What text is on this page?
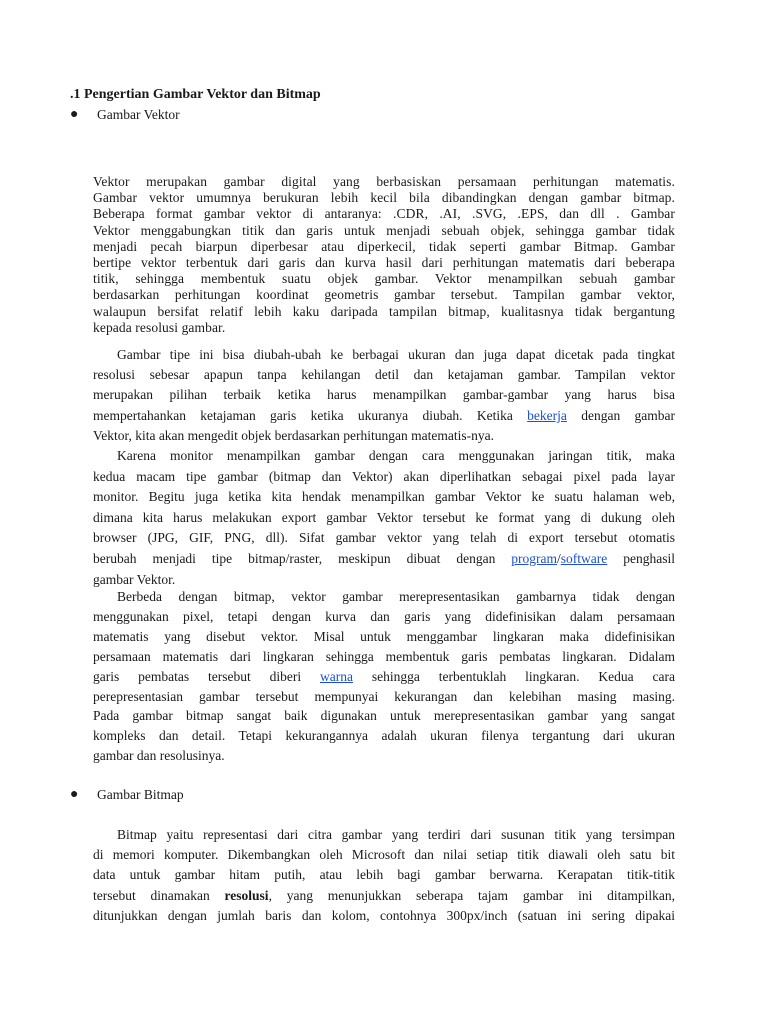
.1 Pengertian Gambar Vektor dan Bitmap
● Gambar Vektor
Vektor merupakan gambar digital yang berbasiskan persamaan perhitungan matematis.
Gambar vektor umumnya berukuran lebih kecil bila dibandingkan dengan gambar bitmap.
Beberapa format gambar vektor di antaranya: .CDR, .AI, .SVG, .EPS, dan dll . Gambar
Vektor menggabungkan titik dan garis untuk menjadi sebuah objek, sehingga gambar tidak
menjadi pecah biarpun diperbesar atau diperkecil, tidak seperti gambar Bitmap. Gambar
bertipe vektor terbentuk dari garis dan kurva hasil dari perhitungan matematis dari beberapa
titik, sehingga membentuk suatu objek gambar. Vektor menampilkan sebuah gambar
berdasarkan perhitungan koordinat geometris gambar tersebut. Tampilan gambar vektor,
walaupun bersifat relatif lebih kaku daripada tampilan bitmap, kualitasnya tidak bergantung
kepada resolusi gambar.
Gambar tipe ini bisa diubah-ubah ke berbagai ukuran dan juga dapat dicetak pada tingkat
resolusi sebesar apapun tanpa kehilangan detil dan ketajaman gambar. Tampilan vektor
merupakan pilihan terbaik ketika harus menampilkan gambar-gambar yang harus bisa
mempertahankan ketajaman garis ketika ukuranya diubah. Ketika bekerja dengan gambar
Vektor, kita akan mengedit objek berdasarkan perhitungan matematis-nya.
Karena monitor menampilkan gambar dengan cara menggunakan jaringan titik, maka
kedua macam tipe gambar (bitmap dan Vektor) akan diperlihatkan sebagai pixel pada layar
monitor. Begitu juga ketika kita hendak menampilkan gambar Vektor ke suatu halaman web,
dimana kita harus melakukan export gambar Vektor tersebut ke format yang di dukung oleh
browser (JPG, GIF, PNG, dll). Sifat gambar vektor yang telah di export tersebut otomatis
berubah menjadi tipe bitmap/raster, meskipun dibuat dengan program/software penghasil
gambar Vektor.
Berbeda dengan bitmap, vektor gambar merepresentasikan gambarnya tidak dengan
menggunakan pixel, tetapi dengan kurva dan garis yang didefinisikan dalam persamaan
matematis yang disebut vektor. Misal untuk menggambar lingkaran maka didefinisikan
persamaan matematis dari lingkaran sehingga membentuk garis pembatas lingkaran. Didalam
garis pembatas tersebut diberi warna sehingga terbentuklah lingkaran. Kedua cara
perepresentasian gambar tersebut mempunyai kekurangan dan kelebihan masing masing.
Pada gambar bitmap sangat baik digunakan untuk merepresentasikan gambar yang sangat
kompleks dan detail. Tetapi kekurangannya adalah ukuran filenya tergantung dari ukuran
gambar dan resolusinya.
● Gambar Bitmap
Bitmap yaitu representasi dari citra gambar yang terdiri dari susunan titik yang tersimpan
di memori komputer. Dikembangkan oleh Microsoft dan nilai setiap titik diawali oleh satu bit
data untuk gambar hitam putih, atau lebih bagi gambar berwarna. Kerapatan titik-titik
tersebut dinamakan resolusi, yang menunjukkan seberapa tajam gambar ini ditampilkan,
ditunjukkan dengan jumlah baris dan kolom, contohnya 300px/inch (satuan ini sering dipakai
